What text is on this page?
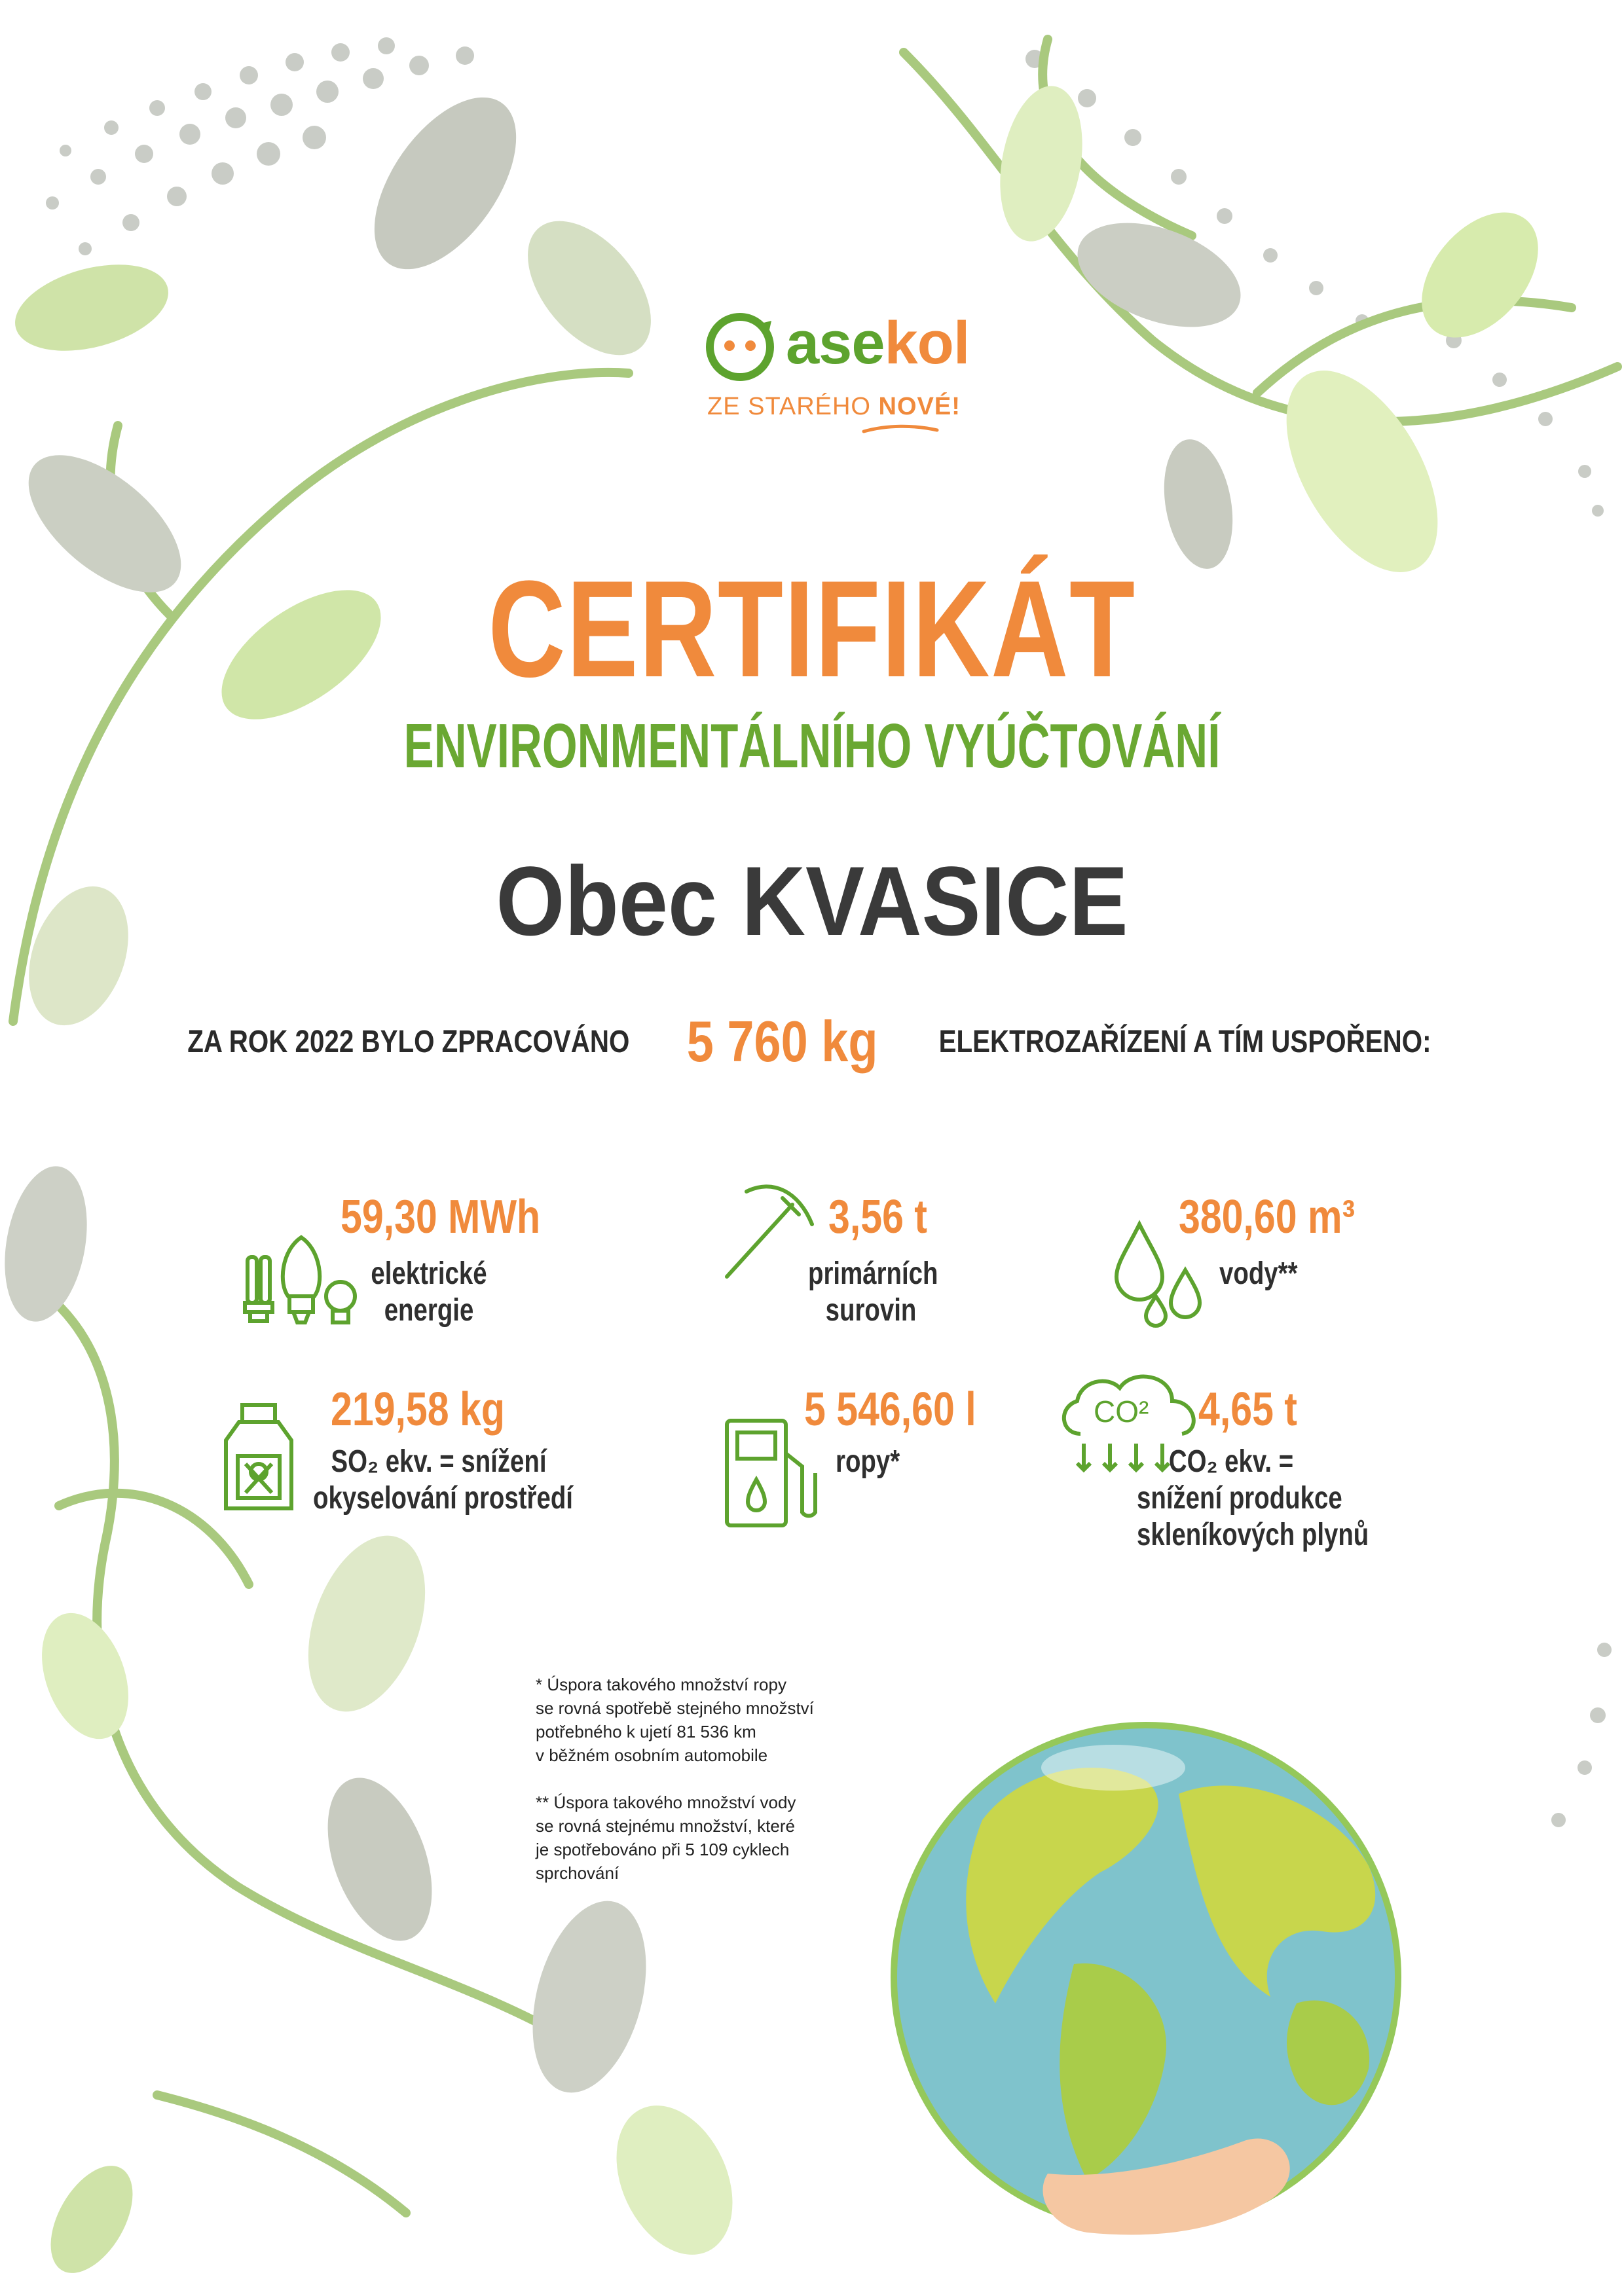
asekol
ZE STARÉHO NOVÉ!
CERTIFIKÁT
ENVIRONMENTÁLNÍHO VYÚČTOVÁNÍ
Obec KVASICE
ZA ROK 2022 BYLO ZPRACOVÁNO 5 760 kg ELEKTROZAŘÍZENÍ A TÍM USPOŘENO:
59,30 MWh
elektrické
energie
3,56 t
primárních
surovin
380,60 m³
vody**
219,58 kg
SO₂ ekv. = snížení
okyselování prostředí
5 546,60 l
ropy*
CO² 4,65 t
CO₂ ekv. =
snížení produkce
skleníkových plynů

* Úspora takového množství ropy
se rovná spotřebě stejného množství
potřebného k ujetí 81 536 km
v běžném osobním automobile

** Úspora takového množství vody
se rovná stejnému množství, které
je spotřebováno při 5 109 cyklech
sprchování
